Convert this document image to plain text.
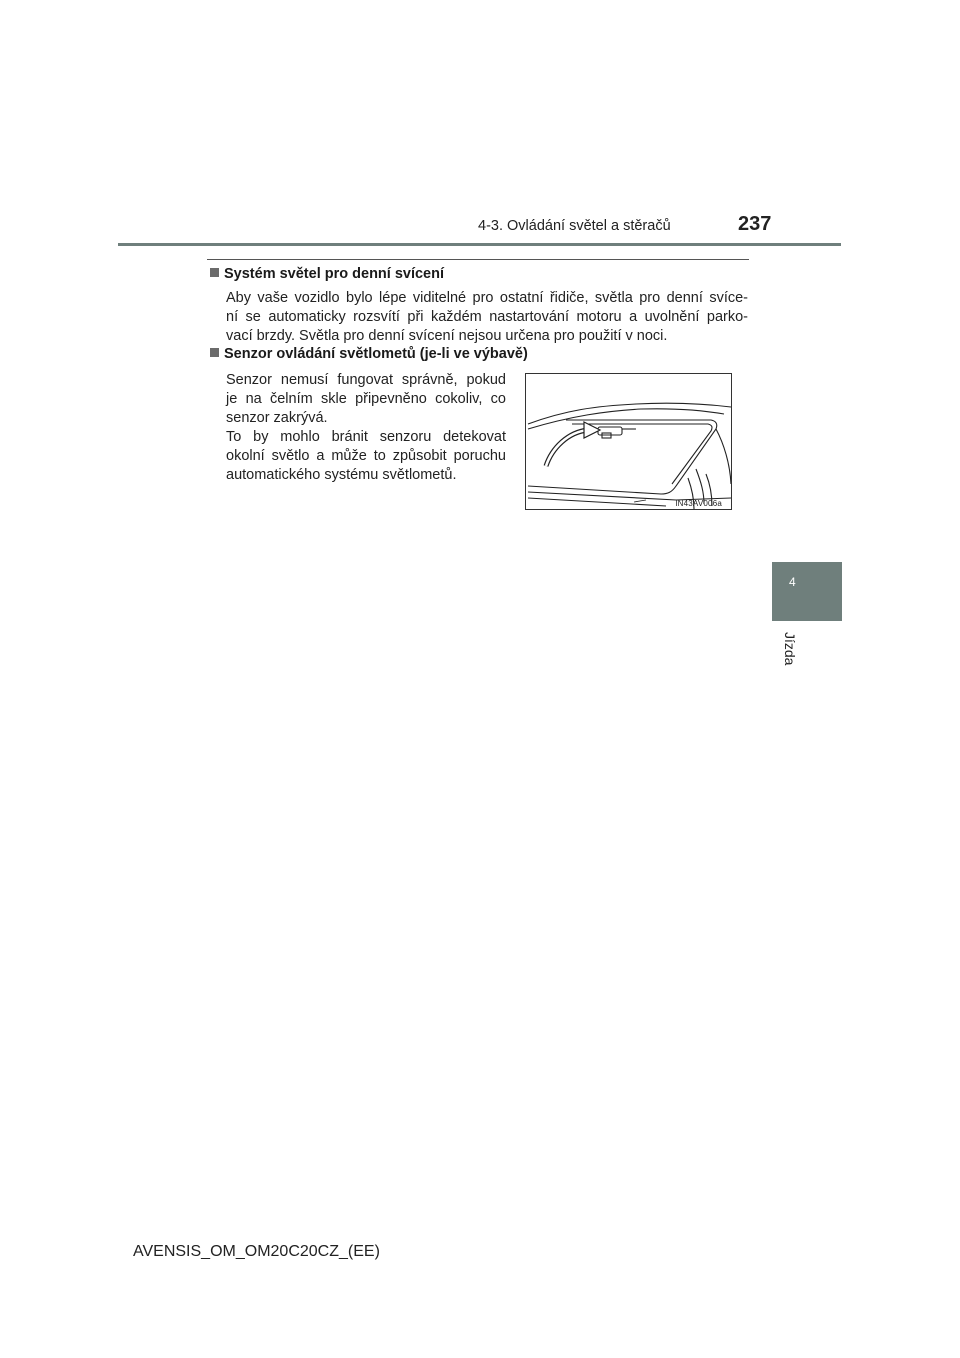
4-3. Ovládání světel a stěračů	237
Systém světel pro denní svícení
Aby vaše vozidlo bylo lépe viditelné pro ostatní řidiče, světla pro denní svíce-
ní se automaticky rozsvítí při každém nastartování motoru a uvolnění parko-
vací brzdy. Světla pro denní svícení nejsou určena pro použití v noci.
Senzor ovládání světlometů (je-li ve výbavě)
Senzor nemusí fungovat správně, pokud
je na čelním skle připevněno cokoliv, co
senzor zakrývá.
To by mohlo bránit senzoru detekovat
okolní světlo a může to způsobit poruchu
automatického systému světlometů.
IN43AV006a
4
Jízda
AVENSIS_OM_OM20C20CZ_(EE)
